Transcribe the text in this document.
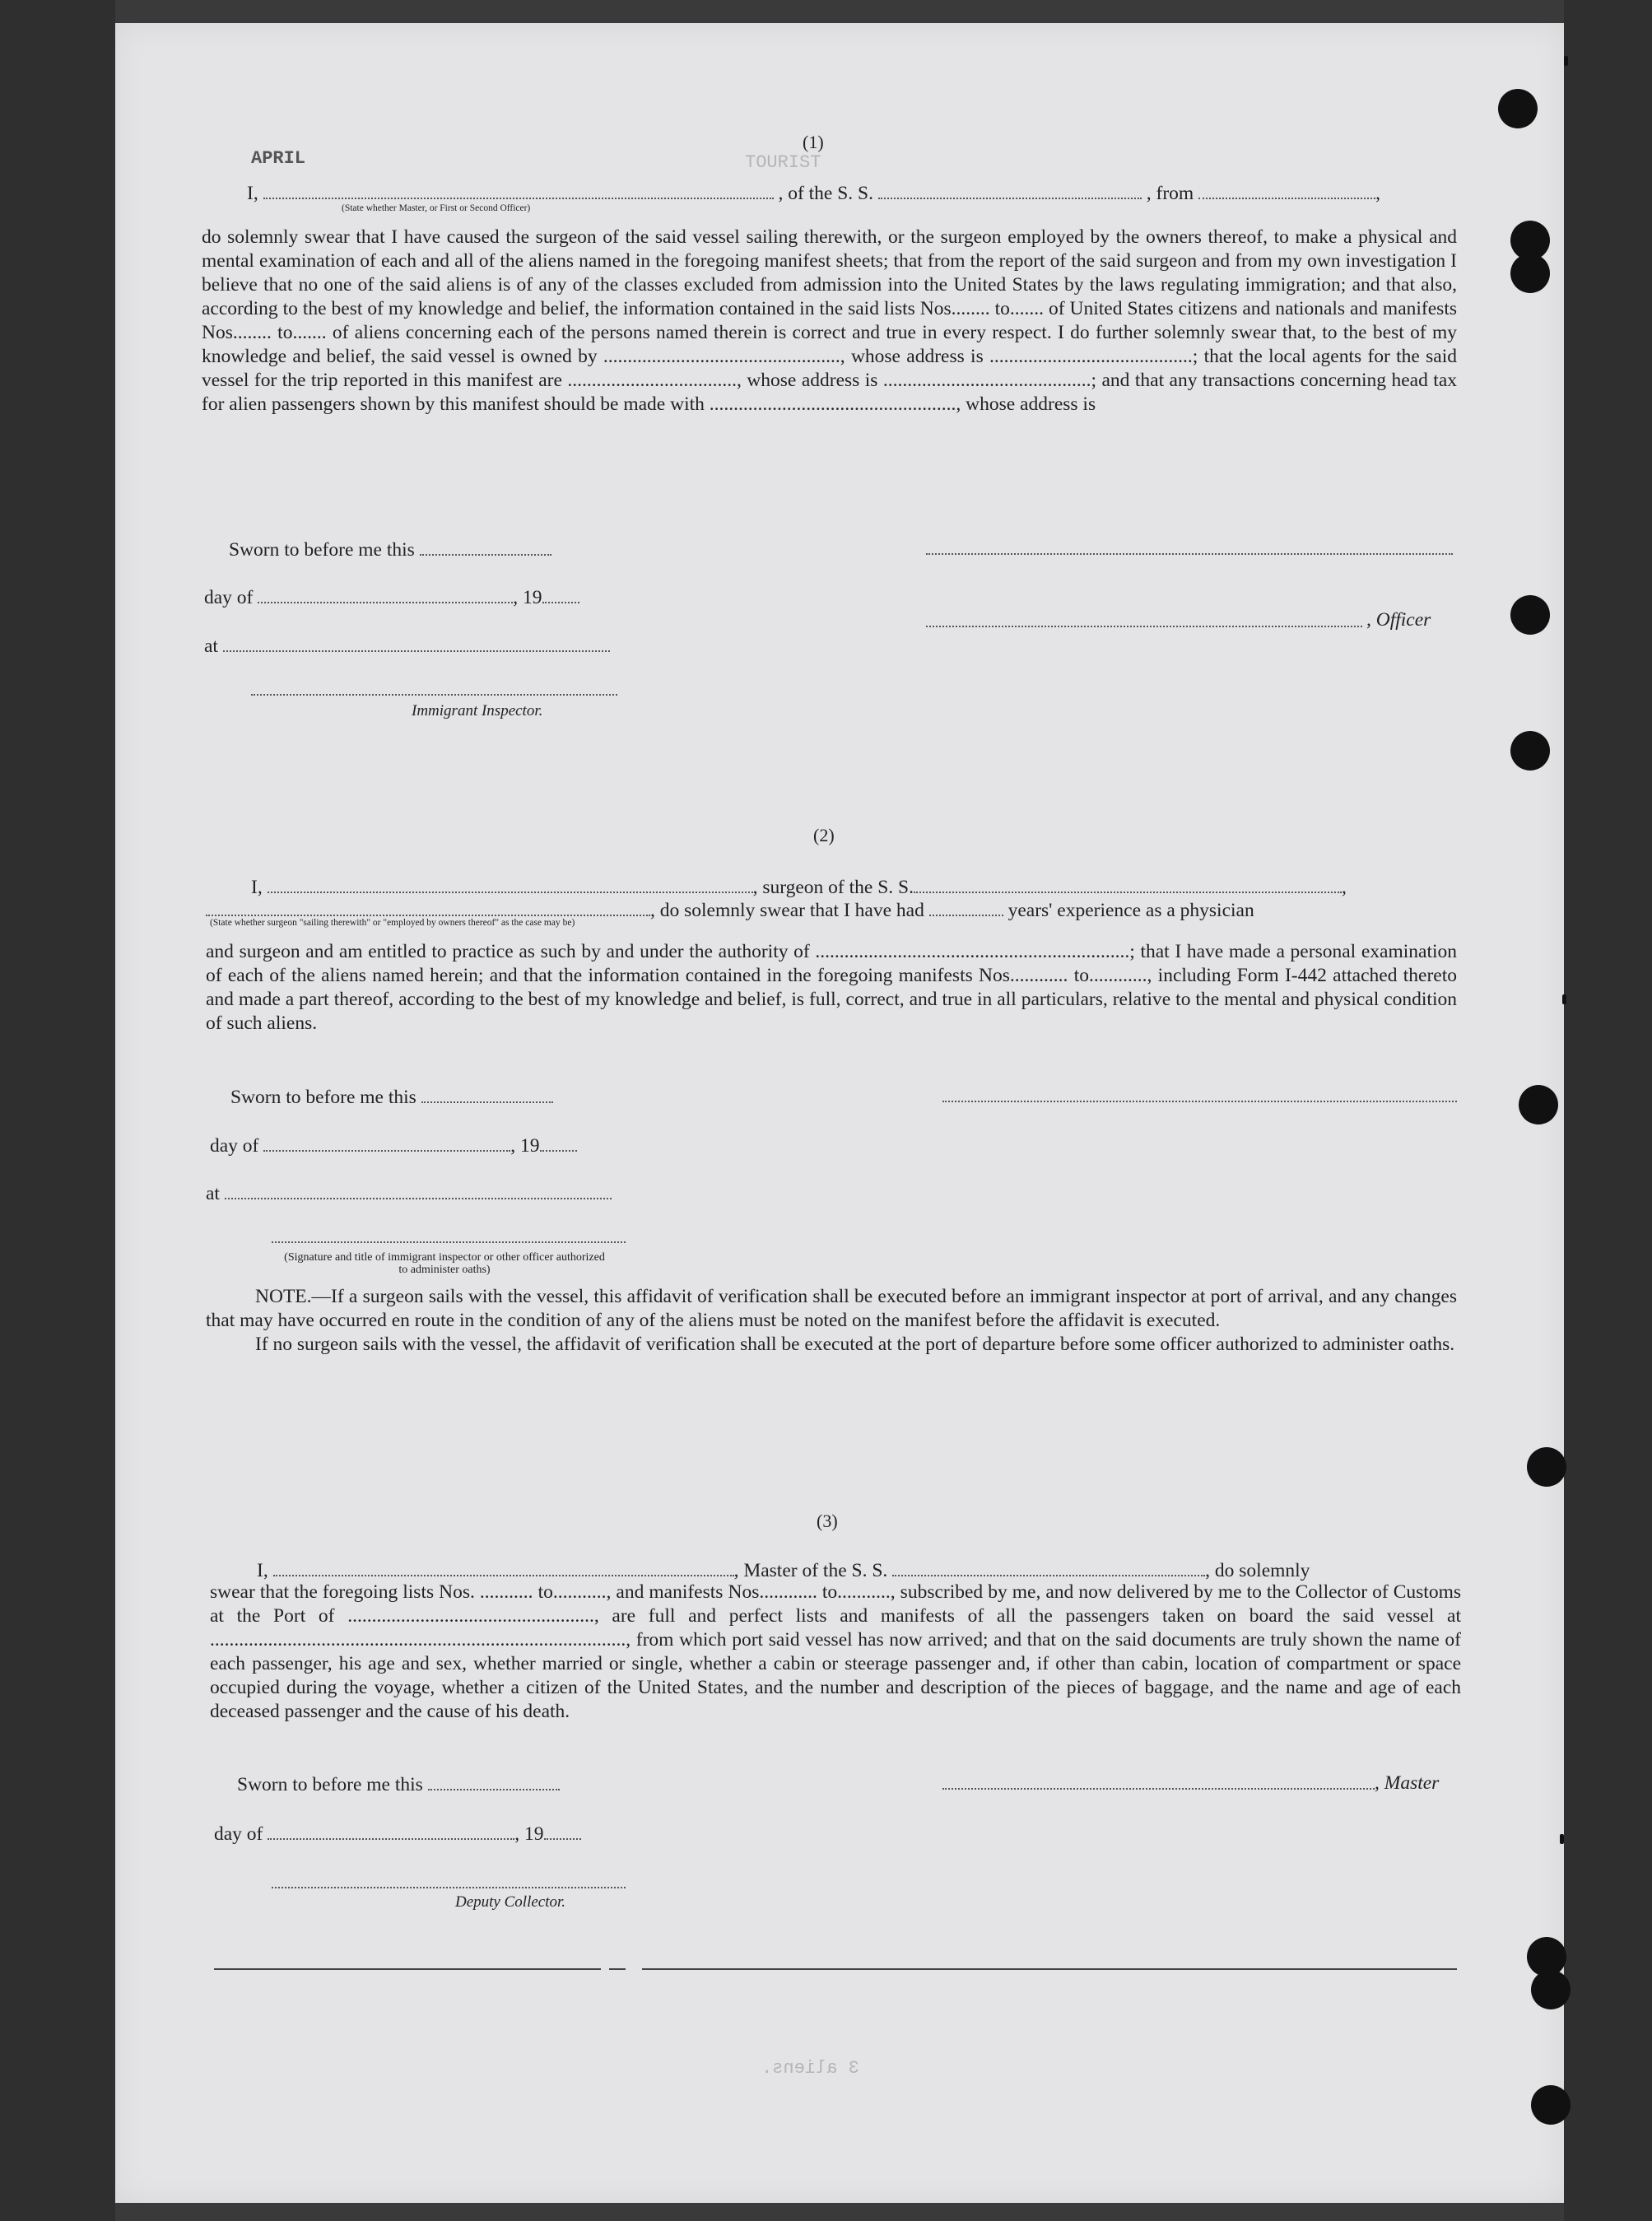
TOURIST
APRIL
3 aliens.
(1)
I,	, of the S. S.	, from	,
(State whether Master, or First or Second Officer)

do solemnly swear that I have caused the surgeon of the said vessel sailing therewith, or the surgeon employed by the owners thereof, to make a physical and mental examination of each and all of the aliens named in the foregoing manifest sheets; that from the report of the said surgeon and from my own investigation I believe that no one of the said aliens is of any of the classes excluded from admission into the United States by the laws regulating immigration; and that also, according to the best of my knowledge and belief, the information contained in the said lists Nos........ to....... of United States citizens and nationals and manifests Nos........ to....... of aliens concerning each of the persons named therein is correct and true in every respect. I do further solemnly swear that, to the best of my knowledge and belief, the said vessel is owned by ................................................., whose address is ..........................................; that the local agents for the said vessel for the trip reported in this manifest are ..................................., whose address is ...........................................; and that any transactions concerning head tax for alien passengers shown by this manifest should be made with ..................................................., whose address is

Sworn to before me this
day of	, 19
, Officer
at
Immigrant Inspector.
(2)
I,	, surgeon of the S. S.	,
, do solemnly swear that I have had	years' experience as a physician
(State whether surgeon "sailing therewith" or "employed by owners thereof" as the case may be)

and surgeon and am entitled to practice as such by and under the authority of .................................................................; that I have made a personal examination of each of the aliens named herein; and that the information contained in the foregoing manifests Nos............ to............, including Form I-442 attached thereto and made a part thereof, according to the best of my knowledge and belief, is full, correct, and true in all particulars, relative to the mental and physical condition of such aliens.

Sworn to before me this
day of	, 19
at
(Signature and title of immigrant inspector or other officer authorized to administer oaths)

NOTE.—If a surgeon sails with the vessel, this affidavit of verification shall be executed before an immigrant inspector at port of arrival, and any changes that may have occurred en route in the condition of any of the aliens must be noted on the manifest before the affidavit is executed.

If no surgeon sails with the vessel, the affidavit of verification shall be executed at the port of departure before some officer authorized to administer oaths.

(3)
I,	, Master of the S. S.	, do solemnly

swear that the foregoing lists Nos. ........... to..........., and manifests Nos............ to..........., subscribed by me, and now delivered by me to the Collector of Customs at the Port of ..................................................., are full and perfect lists and manifests of all the passengers taken on board the said vessel at ......................................................................................, from which port said vessel has now arrived; and that on the said documents are truly shown the name of each passenger, his age and sex, whether married or single, whether a cabin or steerage passenger and, if other than cabin, location of compartment or space occupied during the voyage, whether a citizen of the United States, and the number and description of the pieces of baggage, and the name and age of each deceased passenger and the cause of his death.

Sworn to before me this	, Master
day of	, 19
Deputy Collector.
